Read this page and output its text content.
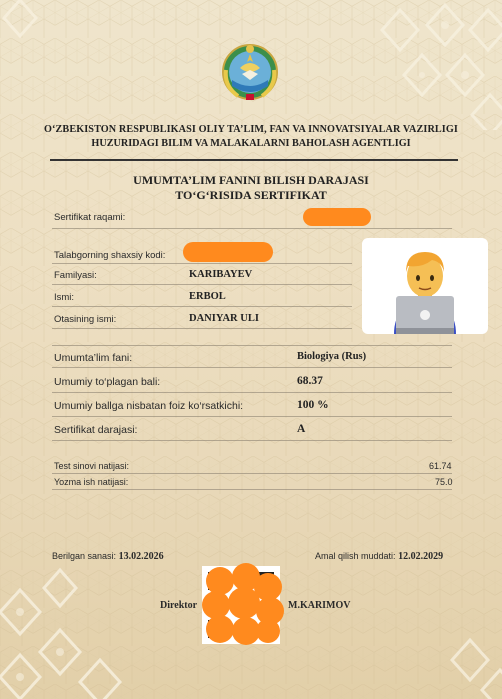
O‘ZBEKISTON RESPUBLIKASI OLIY TA’LIM, FAN VA INNOVATSIYALAR VAZIRLIGI
HUZURIDAGI BILIM VA MALAKALARNI BAHOLASH AGENTLIGI
UMUMTA’LIM FANINI BILISH DARAJASI
TO‘G‘RISIDA SERTIFIKAT
Sertifikat raqami:
Talabgorning shaxsiy kodi:
Familyasi:	KARIBAYEV
Ismi:	ERBOL
Otasining ismi:	DANIYAR ULI
Umumta’lim fani:	Biologiya (Rus)
Umumiy to‘plagan bali:	68.37
Umumiy ballga nisbatan foiz ko‘rsatkichi:	100 %
Sertifikat darajasi:	A
Test sinovi natijasi:	61.74
Yozma ish natijasi:	75.0
Berilgan sanasi: 13.02.2026	Amal qilish muddati: 12.02.2029
Direktor	M.KARIMOV
